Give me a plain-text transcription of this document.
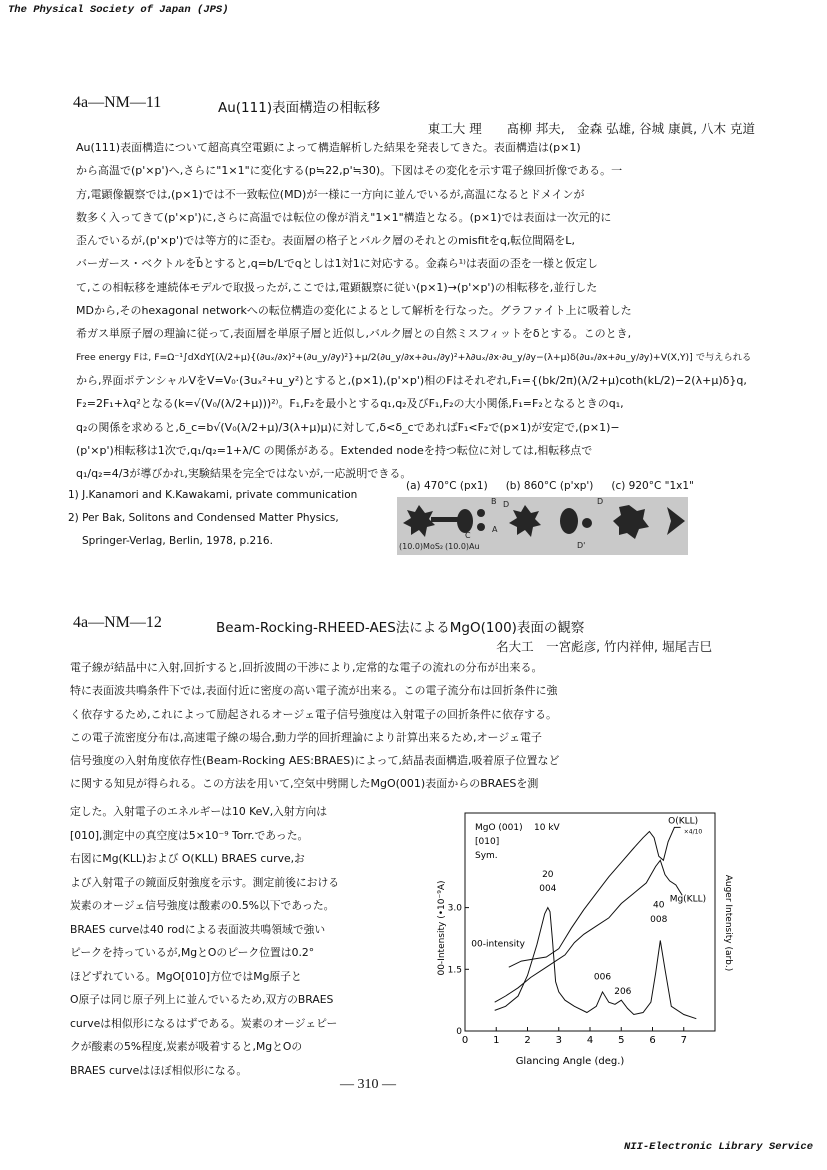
The Physical Society of Japan (JPS)
4a—NM—11	Au(111)表面構造の相転移
東工大 理　　髙柳 邦夫,　金森 弘雄, 谷城 康眞, 八木 克道
Au(111)表面構造について超高真空電顕によって構造解析した結果を発表してきた。表面構造は(p×1)
から高温で(p'×p')へ,さらに"1×1"に変化する(p≒22,p'≒30)。下図はその変化を示す電子線回折像である。一
方,電顕像観察では,(p×1)では不一致転位(MD)が一様に一方向に並んでいるが,高温になるとドメインが
数多く入ってきて(p'×p')に,さらに高温では転位の像が消え"1×1"構造となる。(p×1)では表面は一次元的に
歪んでいるが,(p'×p')では等方的に歪む。表面層の格子とバルク層のそれとのmisfitをq,転位間隔をL,
バーガース・ベクトルをb⃗とすると,q=b/Lでqとしは1対1に対応する。金森ら¹⁾は表面の歪を一様と仮定し
て,この相転移を連続体モデルで取扱ったが,ここでは,電顕観察に従い(p×1)→(p'×p')の相転移を,並行した
MDから,そのhexagonal networkへの転位構造の変化によるとして解析を行なった。グラファイト上に吸着した
希ガス単原子層の理論に従って,表面層を単原子層と近似し,バルク層との自然ミスフィットをδとする。このとき,
Free energy Fは, F=Ω⁻¹∫dXdY[(λ/2+μ){(∂uₓ/∂x)²+(∂u_y/∂y)²}+μ/2(∂u_y/∂x+∂uₓ/∂y)²+λ∂uₓ/∂x·∂u_y/∂y−(λ+μ)δ(∂uₓ/∂x+∂u_y/∂y)+V(X,Y)] で与えられる
から,界面ポテンシャルVをV=V₀·(3uₓ²+u_y²)とすると,(p×1),(p'×p')相のFはそれぞれ,F₁={(bk/2π)(λ/2+μ)coth(kL/2)−2(λ+μ)δ}q,
F₂=2F₁+λq²となる(k=√(V₀/(λ/2+μ)))²⁾。F₁,F₂を最小とするq₁,q₂及びF₁,F₂の大小関係,F₁=F₂となるときのq₁,
q₂の関係を求めると,δ_c=b√(V₀(λ/2+μ)/3(λ+μ)μ)に対して,δ<δ_cであればF₁<F₂で(p×1)が安定で,(p×1)−
(p'×p')相転移は1次で,q₁/q₂=1+λ/C の関係がある。Extended nodeを持つ転位に対しては,相転移点で
q₁/q₂=4/3が導びかれ,実験結果を完全ではないが,一応説明できる。
1) J.Kanamori and K.Kawakami, private communication
2) Per Bak, Solitons and Condensed Matter Physics,
Springer-Verlag, Berlin, 1978, p.216.
(a) 470°C (px1) (b) 860°C (p'xp') (c) 920°C "1x1"
B D
A
C
D
D'
(10.0)MoS₂ (10.0)Au
4a—NM—12	Beam-Rocking-RHEED-AES法によるMgO(100)表面の観察
名大工　一宮彪彦, 竹内祥伸, 堀尾吉巳
電子線が結晶中に入射,回折すると,回折波間の干渉により,定常的な電子の流れの分布が出来る。
特に表面波共鳴条件下では,表面付近に密度の高い電子流が出来る。この電子流分布は回折条件に強
く依存するため,これによって励起されるオージェ電子信号強度は入射電子の回折条件に依存する。
この電子流密度分布は,高速電子線の場合,動力学的回折理論により計算出来るため,オージェ電子
信号強度の入射角度依存性(Beam-Rocking AES:BRAES)によって,結晶表面構造,吸着原子位置など
に関する知見が得られる。この方法を用いて,空気中劈開したMgO(001)表面からのBRAESを測
定した。入射電子のエネルギーは10 KeV,入射方向は
[010],測定中の真空度は5×10⁻⁹ Torr.であった。
右図にMg(KLL)および O(KLL) BRAES curve,お
よび入射電子の鏡面反射強度を示す。測定前後における
炭素のオージェ信号強度は酸素の0.5%以下であった。
BRAES curveは40 rodによる表面波共鳴領域で強い
ピークを持っているが,MgとOのピーク位置は0.2°
ほどずれている。MgO[010]方位ではMg原子と
O原子は同じ原子列上に並んでいるため,双方のBRAES
curveは相似形になるはずである。炭素のオージェピー
クが酸素の5%程度,炭素が吸着すると,MgとOの
BRAES curveはほぼ相似形になる。
0 1 2 3 4 5 6 7
0
1.5
3.0
20
004
40
008
006
206
00-intensity
O(KLL)
×4/10
Mg(KLL)
Glancing Angle (deg.)
00-Intensity (•10⁻⁹A)	Auger Intensity (arb.)
MgO (001) 10 kV
[010]
Sym.
— 310 —
NII-Electronic Library Service
